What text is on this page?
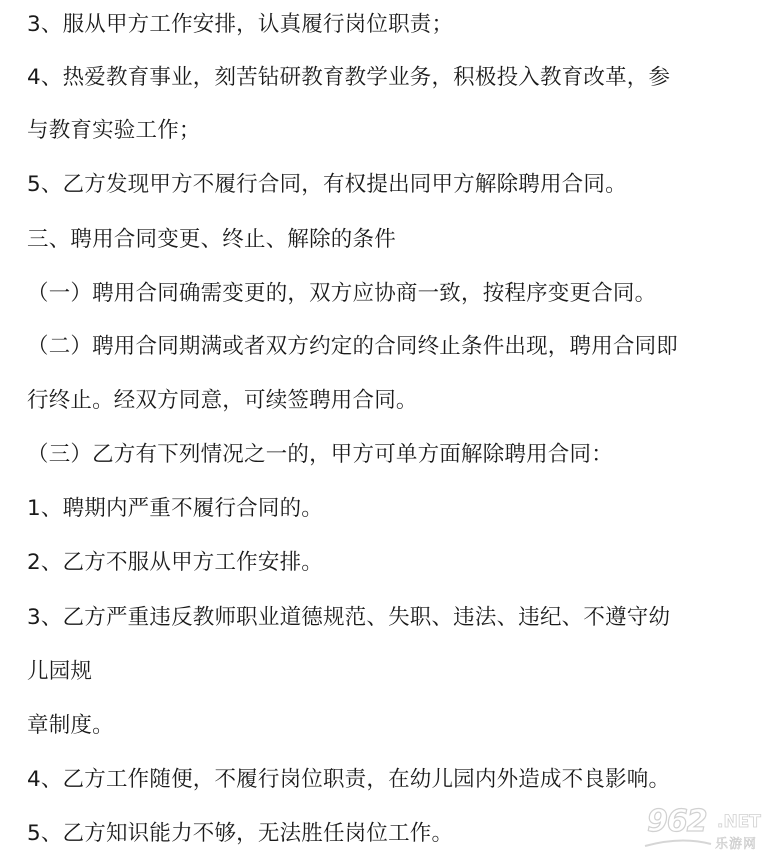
3、服从甲方工作安排，认真履行岗位职责；
4、热爱教育事业，刻苦钻研教育教学业务，积极投入教育改革，参
与教育实验工作；
5、乙方发现甲方不履行合同，有权提出同甲方解除聘用合同。
三、聘用合同变更、终止、解除的条件
（一）聘用合同确需变更的，双方应协商一致，按程序变更合同。
（二）聘用合同期满或者双方约定的合同终止条件出现，聘用合同即
行终止。经双方同意，可续签聘用合同。
（三）乙方有下列情况之一的，甲方可单方面解除聘用合同：
1、聘期内严重不履行合同的。
2、乙方不服从甲方工作安排。
3、乙方严重违反教师职业道德规范、失职、违法、违纪、不遵守幼
儿园规
章制度。
4、乙方工作随便，不履行岗位职责，在幼儿园内外造成不良影响。
5、乙方知识能力不够，无法胜任岗位工作。	962 .NET
乐游网
